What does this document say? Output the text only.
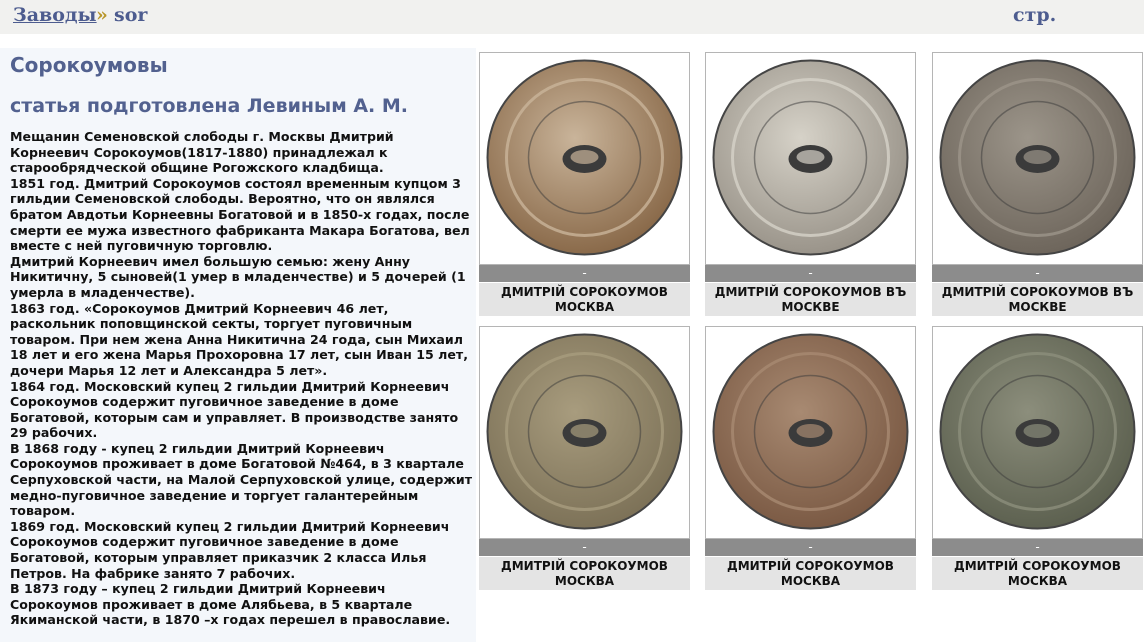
Заводы » sor	стр.
Сорокоумовы
статья подготовлена Левиным А. М.

Мещанин Семеновской слободы г. Москвы Дмитрий Корнеевич Сорокоумов(1817-1880) принадлежал к старообрядческой общине Рогожского кладбища.

1851 год. Дмитрий Сорокоумов состоял временным купцом 3 гильдии Семеновской слободы. Вероятно, что он являлся братом Авдотьи Корнеевны Богатовой и в 1850-х годах, после смерти ее мужа известного фабриканта Макара Богатова, вел вместе с ней пуговичную торговлю.

Дмитрий Корнеевич имел большую семью: жену Анну Никитичну, 5 сыновей(1 умер в младенчестве) и 5 дочерей (1 умерла в младенчестве).

1863 год. «Сорокоумов Дмитрий Корнеевич 46 лет, раскольник поповщинской секты, торгует пуговичным товаром. При нем жена Анна Никитична 24 года, сын Михаил 18 лет и его жена Марья Прохоровна 17 лет, сын Иван 15 лет, дочери Марья 12 лет и Александра 5 лет».

1864 год. Московский купец 2 гильдии Дмитрий Корнеевич Сорокоумов содержит пуговичное заведение в доме Богатовой, которым сам и управляет. В производстве занято 29 рабочих.

В 1868 году - купец 2 гильдии Дмитрий Корнеевич Сорокоумов проживает в доме Богатовой №464, в 3 квартале Серпуховской части, на Малой Серпуховской улице, содержит медно-пуговичное заведение и торгует галантерейным товаром.

1869 год. Московский купец 2 гильдии Дмитрий Корнеевич Сорокоумов содержит пуговичное заведение в доме Богатовой, которым управляет приказчик 2 класса Илья Петров. На фабрике занято 7 рабочих.

В 1873 году – купец 2 гильдии Дмитрий Корнеевич Сорокоумов проживает в доме Алябьева, в 5 квартале Якиманской части, в 1870 –х годах перешел в православие.

-
ДМИТРIЙ СОРОКОУМОВ МОСКВА
-
ДМИТРIЙ СОРОКОУМОВ ВЪ МОСКВЕ
-
ДМИТРIЙ СОРОКОУМОВ ВЪ МОСКВЕ
-
ДМИТРIЙ СОРОКОУМОВ МОСКВА
-
ДМИТРIЙ СОРОКОУМОВ МОСКВА
-
ДМИТРIЙ СОРОКОУМОВ МОСКВА
